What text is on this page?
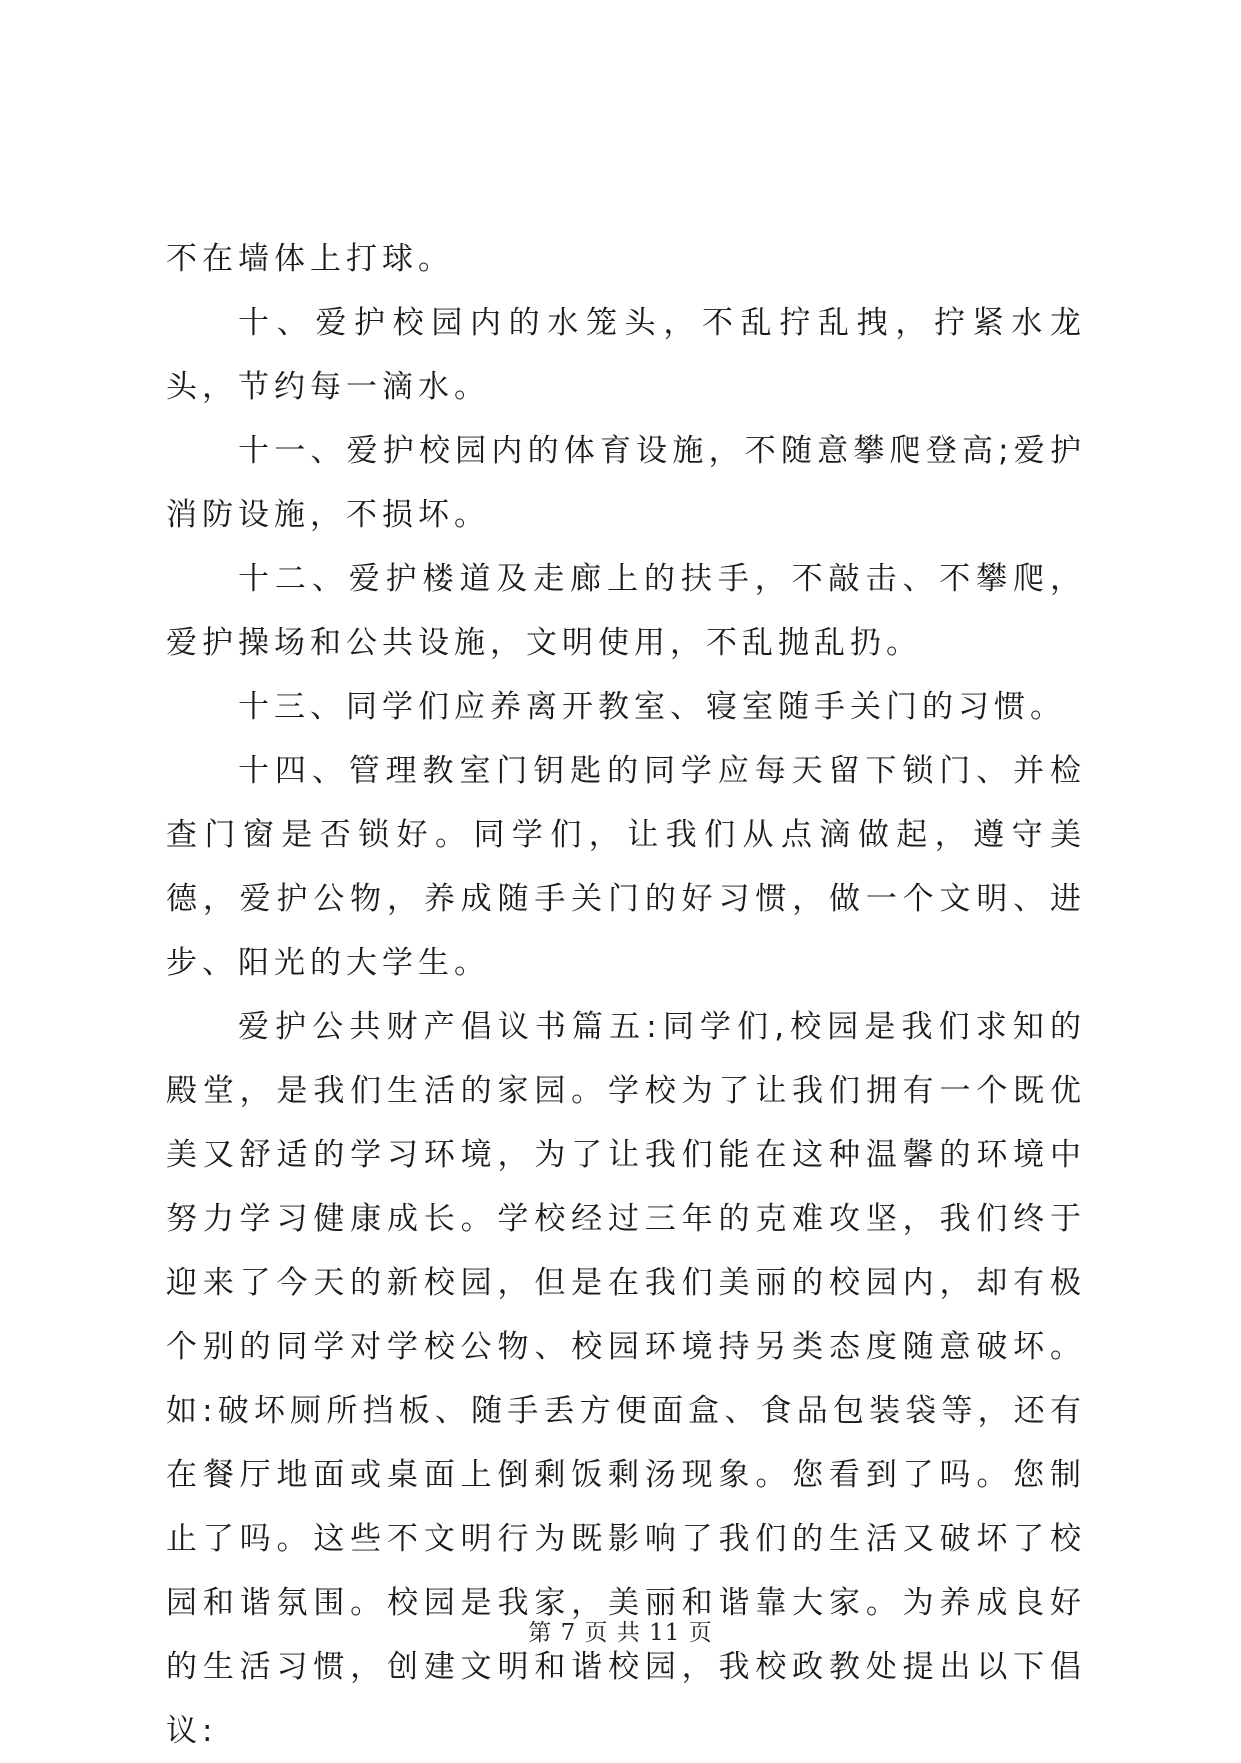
不在墙体上打球。

十、爱护校园内的水笼头，不乱拧乱拽，拧紧水龙头，节约每一滴水。

十一、爱护校园内的体育设施，不随意攀爬登高;爱护消防设施，不损坏。

十二、爱护楼道及走廊上的扶手，不敲击、不攀爬，爱护操场和公共设施，文明使用，不乱抛乱扔。

十三、同学们应养离开教室、寝室随手关门的习惯。

十四、管理教室门钥匙的同学应每天留下锁门、并检查门窗是否锁好。同学们，让我们从点滴做起，遵守美德，爱护公物，养成随手关门的好习惯，做一个文明、进步、阳光的大学生。

爱护公共财产倡议书篇五:同学们,校园是我们求知的殿堂，是我们生活的家园。学校为了让我们拥有一个既优美又舒适的学习环境，为了让我们能在这种温馨的环境中努力学习健康成长。学校经过三年的克难攻坚，我们终于迎来了今天的新校园，但是在我们美丽的校园内，却有极个别的同学对学校公物、校园环境持另类态度随意破坏。如:破坏厕所挡板、随手丢方便面盒、食品包装袋等，还有在餐厅地面或桌面上倒剩饭剩汤现象。您看到了吗。您制止了吗。这些不文明行为既影响了我们的生活又破坏了校园和谐氛围。校园是我家，美丽和谐靠大家。为养成良好的生活习惯，创建文明和谐校园，我校政教处提出以下倡议:

第 7 页 共 11 页
